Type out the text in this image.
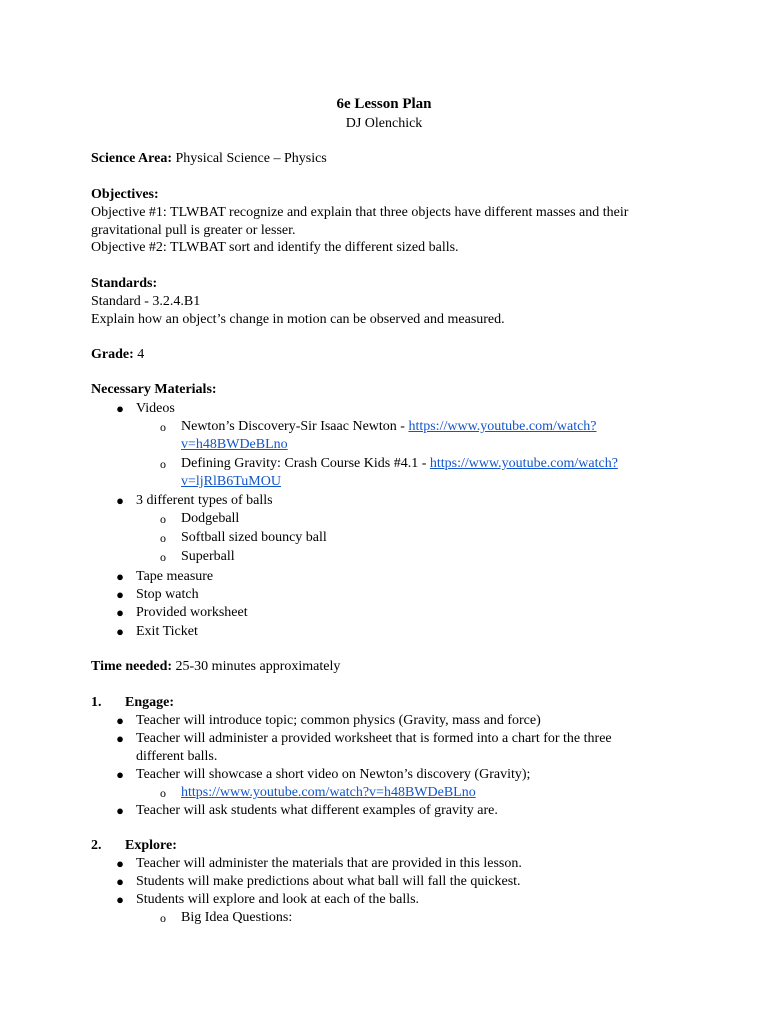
6e Lesson Plan
DJ Olenchick
Science Area: Physical Science – Physics
Objectives:
Objective #1: TLWBAT recognize and explain that three objects have different masses and their
gravitational pull is greater or lesser.
Objective #2: TLWBAT sort and identify the different sized balls.
Standards:
Standard - 3.2.4.B1
Explain how an object’s change in motion can be observed and measured.
Grade: 4
Necessary Materials:
● Videos
o Newton’s Discovery-Sir Isaac Newton - https://www.youtube.com/watch?
v=h48BWDeBLno
o Defining Gravity: Crash Course Kids #4.1 - https://www.youtube.com/watch?
v=ljRlB6TuMOU
● 3 different types of balls
o Dodgeball
o Softball sized bouncy ball
o Superball
● Tape measure
● Stop watch
● Provided worksheet
● Exit Ticket
Time needed: 25-30 minutes approximately
1. Engage:
● Teacher will introduce topic; common physics (Gravity, mass and force)
● Teacher will administer a provided worksheet that is formed into a chart for the three
different balls.
● Teacher will showcase a short video on Newton’s discovery (Gravity);
o https://www.youtube.com/watch?v=h48BWDeBLno
● Teacher will ask students what different examples of gravity are.
2. Explore:
● Teacher will administer the materials that are provided in this lesson.
● Students will make predictions about what ball will fall the quickest.
● Students will explore and look at each of the balls.
o Big Idea Questions:
